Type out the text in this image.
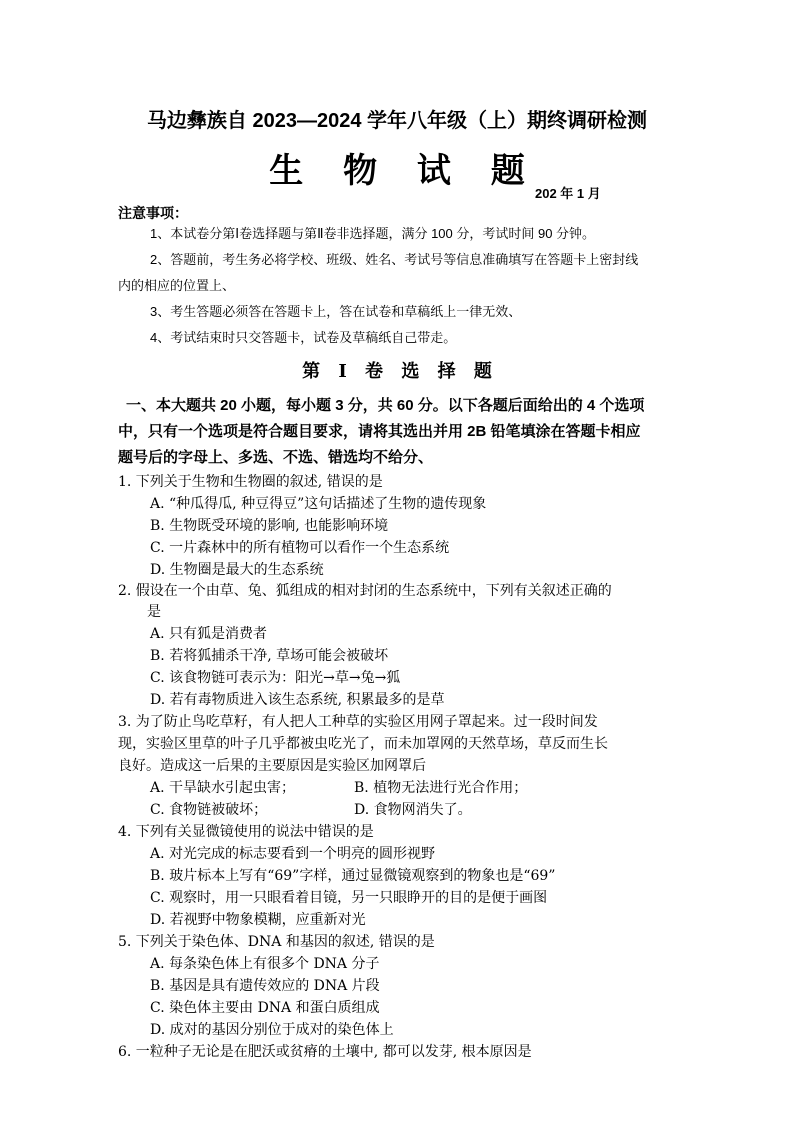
马边彝族自 2023—2024 学年八年级（上）期终调研检测
生 物 试 题
202 年 1 月
注意事项：
1、本试卷分第Ⅰ卷选择题与第Ⅱ卷非选择题，满分 100 分，考试时间 90 分钟。
2、答题前，考生务必将学校、班级、姓名、考试号等信息准确填写在答题卡上密封线
内的相应的位置上、
3、考生答题必须答在答题卡上，答在试卷和草稿纸上一律无效、
4、考试结束时只交答题卡，试卷及草稿纸自己带走。
第 Ⅰ 卷 选 择 题
一、本大题共 20 小题，每小题 3 分，共 60 分。以下各题后面给出的 4 个选项
中，只有一个选项是符合题目要求，请将其选出并用 2B 铅笔填涂在答题卡相应
题号后的字母上、多选、不选、错选均不给分、
1. 下列关于生物和生物圈的叙述, 错误的是
A. “种瓜得瓜, 种豆得豆”这句话描述了生物的遗传现象
B. 生物既受环境的影响, 也能影响环境
C. 一片森林中的所有植物可以看作一个生态系统
D. 生物圈是最大的生态系统
2. 假设在一个由草、兔、狐组成的相对封闭的生态系统中，下列有关叙述正确的
是
A. 只有狐是消费者
B. 若将狐捕杀干净, 草场可能会被破坏
C. 该食物链可表示为：阳光→草→兔→狐
D. 若有毒物质进入该生态系统, 积累最多的是草
3. 为了防止鸟吃草籽，有人把人工种草的实验区用网子罩起来。过一段时间发
现，实验区里草的叶子几乎都被虫吃光了，而未加罩网的天然草场，草反而生长
良好。造成这一后果的主要原因是实验区加网罩后
A. 干旱缺水引起虫害；	B. 植物无法进行光合作用；
C. 食物链被破坏；	D. 食物网消失了。
4. 下列有关显微镜使用的说法中错误的是
A. 对光完成的标志要看到一个明亮的圆形视野
B. 玻片标本上写有“69”字样，通过显微镜观察到的物象也是“69”
C. 观察时，用一只眼看着目镜，另一只眼睁开的目的是便于画图
D. 若视野中物象模糊，应重新对光
5. 下列关于染色体、DNA 和基因的叙述, 错误的是
A. 每条染色体上有很多个 DNA 分子
B. 基因是具有遗传效应的 DNA 片段
C. 染色体主要由 DNA 和蛋白质组成
D. 成对的基因分别位于成对的染色体上
6. 一粒种子无论是在肥沃或贫瘠的土壤中, 都可以发芽, 根本原因是
